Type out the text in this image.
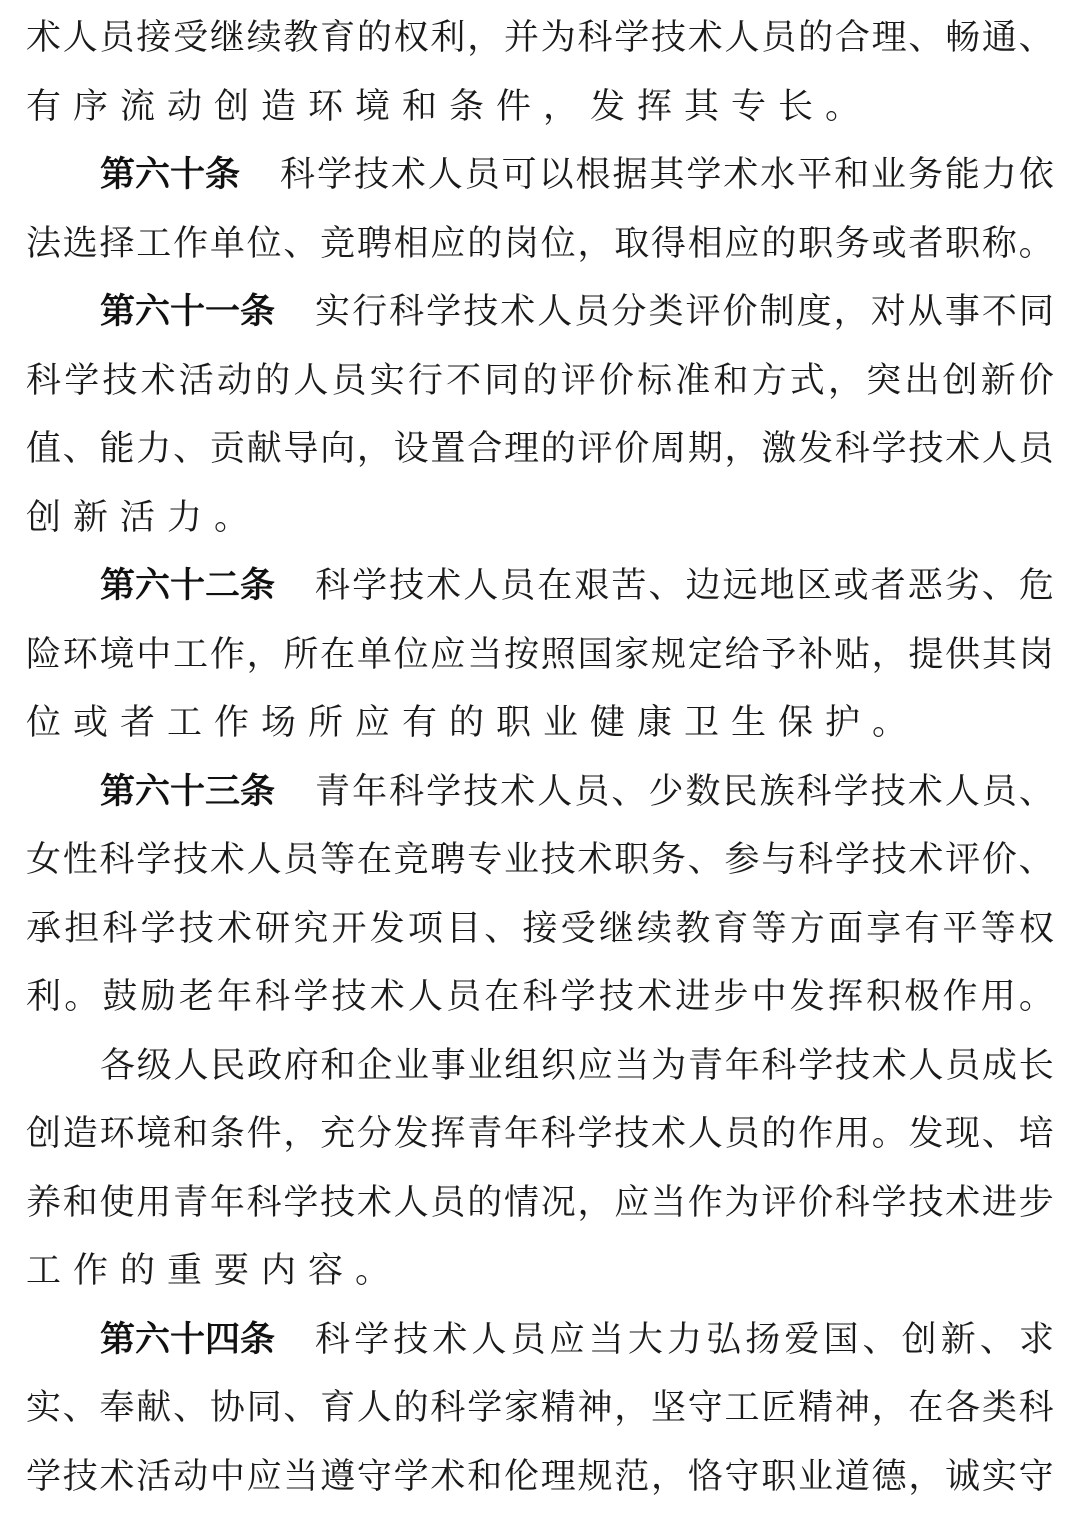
术 人 员 接 受 继 续 教 育 的 权 利 ， 并 为 科 学 技 术 人 员 的 合 理 、 畅 通 、
有序流动创造环境和条件，发挥其专长。
第六十条 科 学 技 术 人 员 可 以 根 据 其 学 术 水 平 和 业 务 能 力 依
法 选 择 工 作 单 位 、 竞 聘 相 应 的 岗 位 ， 取 得 相 应 的 职 务 或 者 职 称 。
第六十一条 实 行 科 学 技 术 人 员 分 类 评 价 制 度 ， 对 从 事 不 同
科 学 技 术 活 动 的 人 员 实 行 不 同 的 评 价 标 准 和 方 式 ， 突 出 创 新 价
值 、 能 力 、 贡 献 导 向 ， 设 置 合 理 的 评 价 周 期 ， 激 发 科 学 技 术 人 员
创新活力。
第六十二条 科 学 技 术 人 员 在 艰 苦 、 边 远 地 区 或 者 恶 劣 、 危
险 环 境 中 工 作 ， 所 在 单 位 应 当 按 照 国 家 规 定 给 予 补 贴 ， 提 供 其 岗
位或者工作场所应有的职业健康卫生保护。
第六十三条 青 年 科 学 技 术 人 员 、 少 数 民 族 科 学 技 术 人 员 、
女 性 科 学 技 术 人 员 等 在 竞 聘 专 业 技 术 职 务 、 参 与 科 学 技 术 评 价 、
承 担 科 学 技 术 研 究 开 发 项 目 、 接 受 继 续 教 育 等 方 面 享 有 平 等 权
利 。 鼓 励 老 年 科 学 技 术 人 员 在 科 学 技 术 进 步 中 发 挥 积 极 作 用 。
各 级 人 民 政 府 和 企 业 事 业 组 织 应 当 为 青 年 科 学 技 术 人 员 成 长
创 造 环 境 和 条 件 ， 充 分 发 挥 青 年 科 学 技 术 人 员 的 作 用 。 发 现 、 培
养 和 使 用 青 年 科 学 技 术 人 员 的 情 况 ， 应 当 作 为 评 价 科 学 技 术 进 步
工作的重要内容。
第六十四条 科 学 技 术 人 员 应 当 大 力 弘 扬 爱 国 、 创 新 、 求
实 、 奉 献 、 协 同 、 育 人 的 科 学 家 精 神 ， 坚 守 工 匠 精 神 ， 在 各 类 科
学 技 术 活 动 中 应 当 遵 守 学 术 和 伦 理 规 范 ， 恪 守 职 业 道 德 ， 诚 实 守
